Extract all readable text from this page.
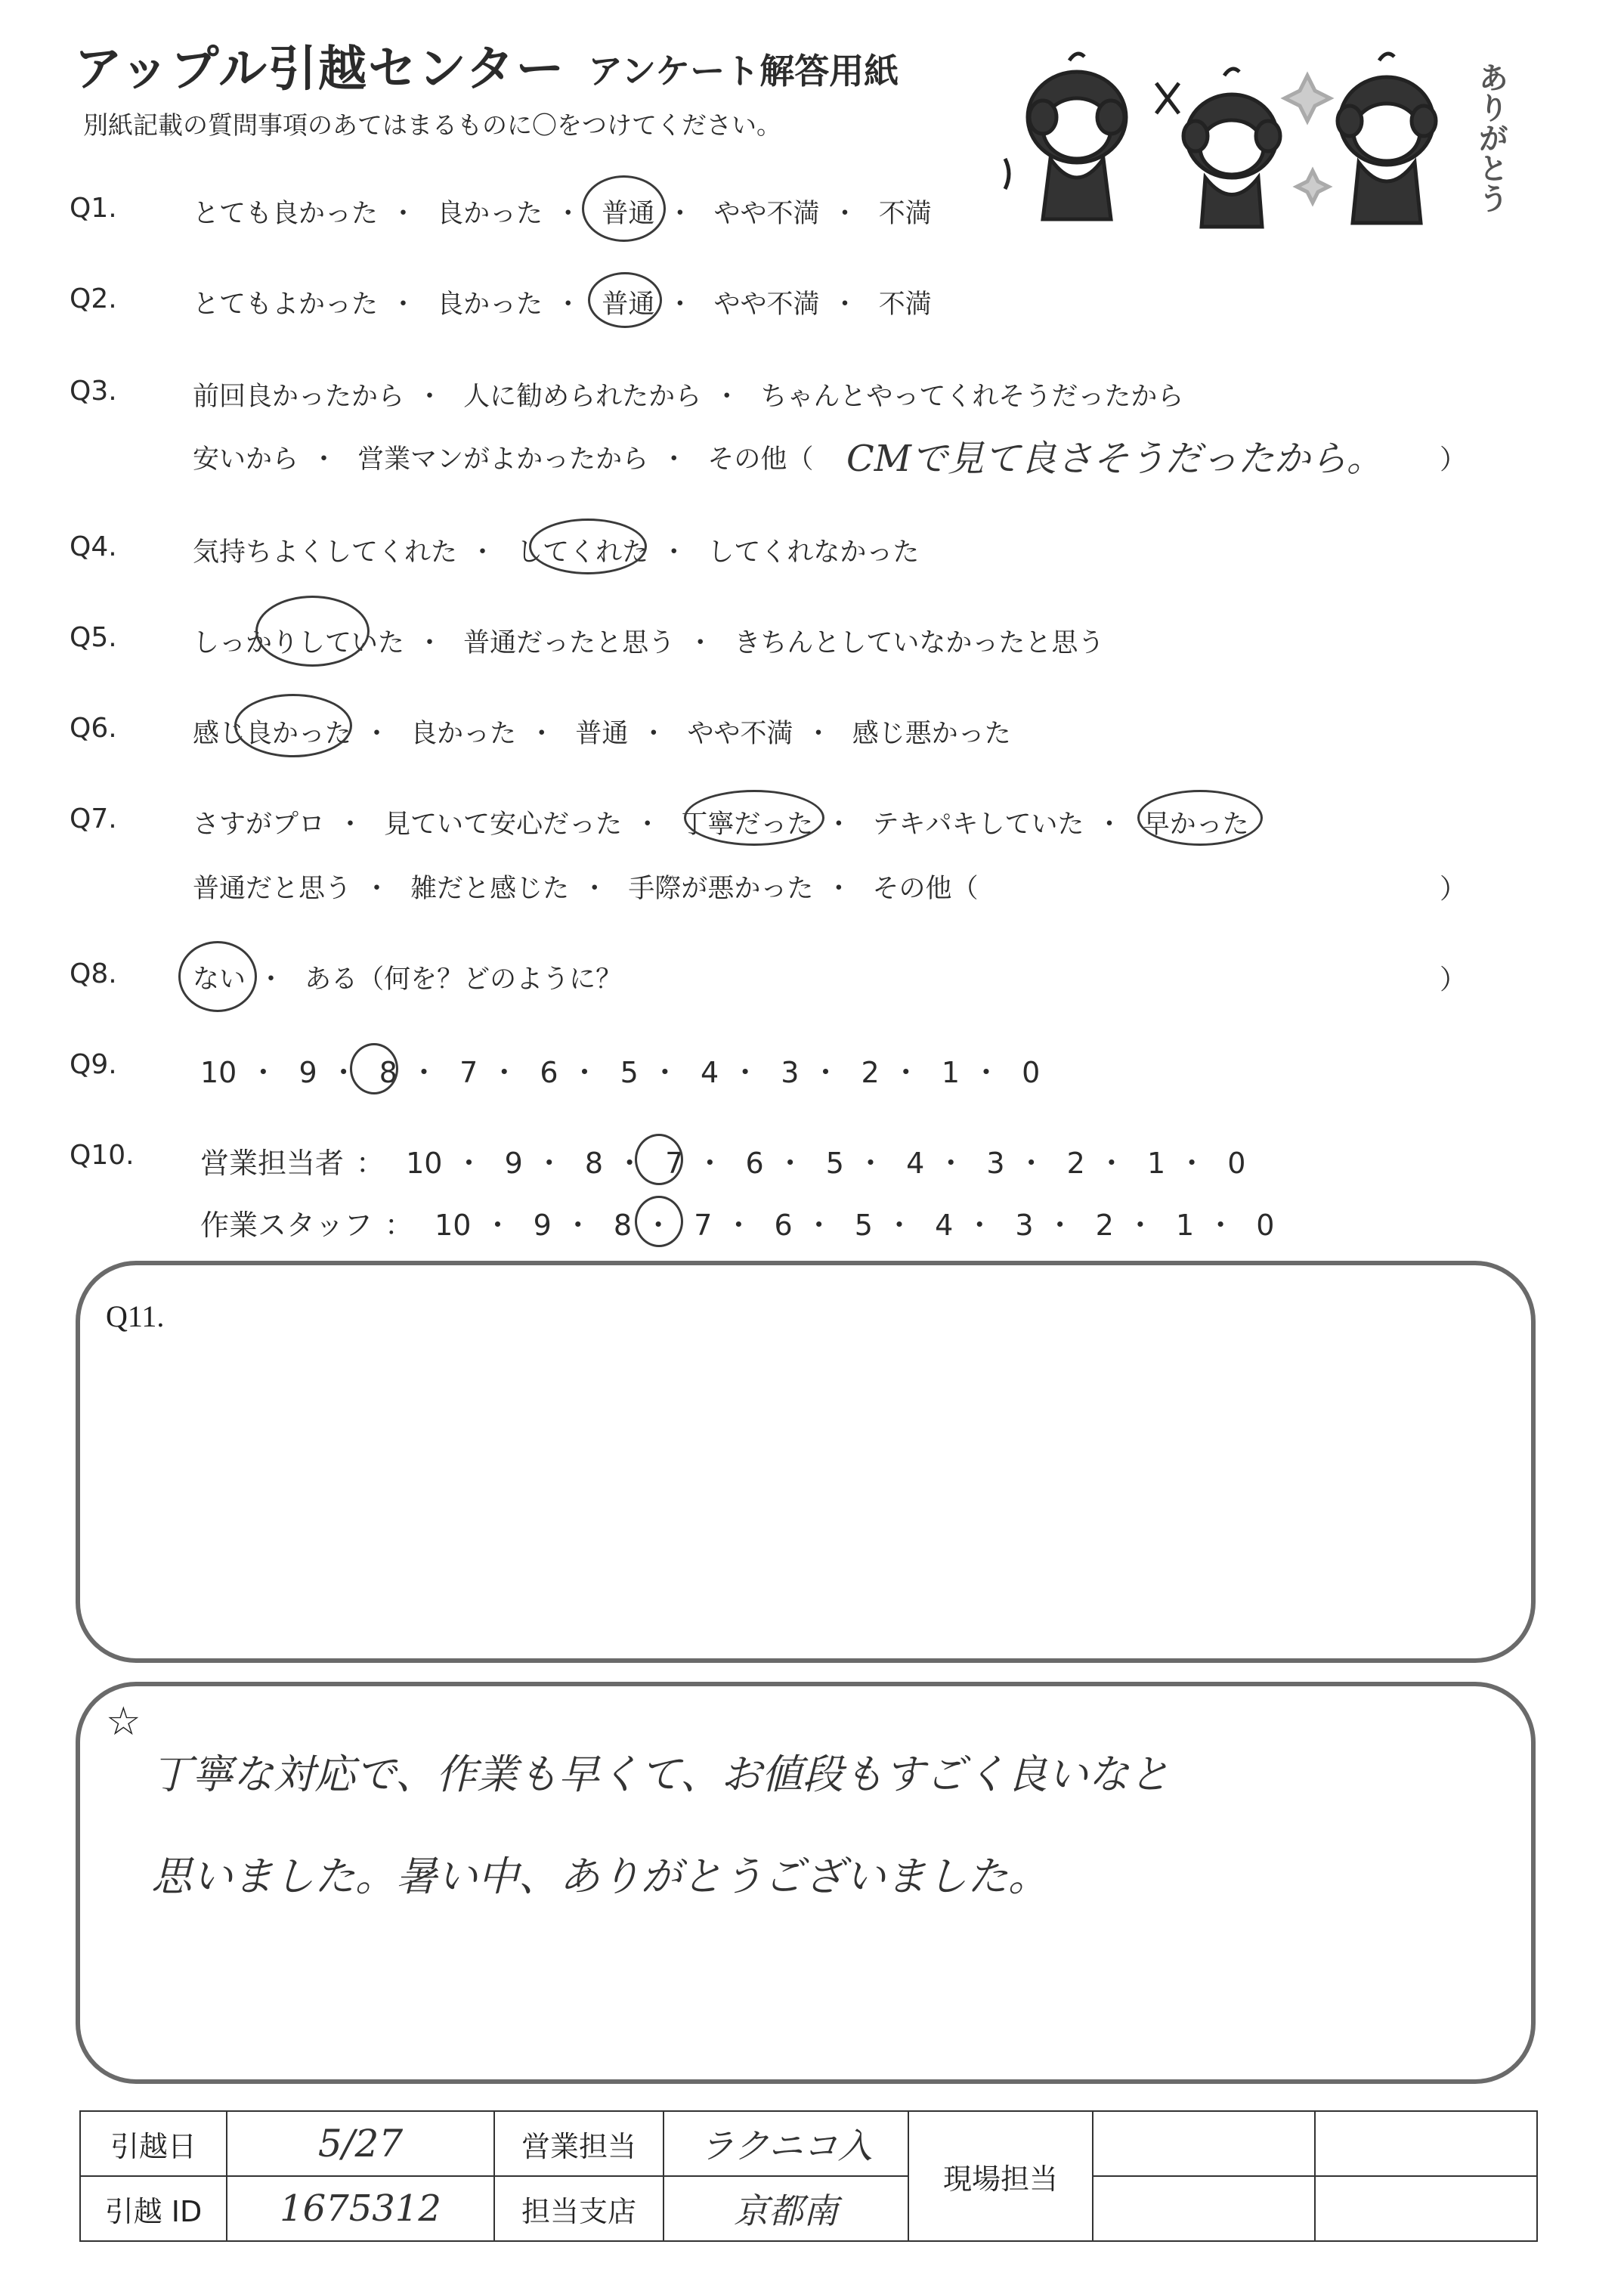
アップル引越センター アンケート解答用紙
別紙記載の質問事項のあてはまるものに〇をつけてください。	ありがとう
Q1.	とても良かった ・ 良かった ・ 普通 ・ やや不満 ・ 不満
Q2.	とてもよかった ・ 良かった ・ 普通 ・ やや不満 ・ 不満
Q3.	前回良かったから ・ 人に勧められたから ・ ちゃんとやってくれそうだったから
安いから ・ 営業マンがよかったから ・ その他（ CMで見て良さそうだったから。 ）
Q4.	気持ちよくしてくれた ・ してくれた ・ してくれなかった
Q5.	しっかりしていた ・ 普通だったと思う ・ きちんとしていなかったと思う
Q6.	感じ良かった ・ 良かった ・ 普通 ・ やや不満 ・ 感じ悪かった
Q7.	さすがプロ ・ 見ていて安心だった ・ 丁寧だった ・ テキパキしていた ・ 早かった
普通だと思う ・ 雑だと感じた ・ 手際が悪かった ・ その他（	）
Q8.	ない ・ ある（何を？どのように？	）
Q9.	10 ・ 9 ・ 8 ・ 7 ・ 6 ・ 5 ・ 4 ・ 3 ・ 2 ・ 1 ・ 0
Q10. 営業担当者 ： 10 ・ 9 ・ 8 ・ 7 ・ 6 ・ 5 ・ 4 ・ 3 ・ 2 ・ 1 ・ 0
作業スタッフ ： 10 ・ 9 ・ 8 ・ 7 ・ 6 ・ 5 ・ 4 ・ 3 ・ 2 ・ 1 ・ 0
Q11.
☆
丁寧な対応で、作業も早くて、お値段もすごく良いなと
思いました。暑い中、ありがとうございました。
引越日	5/27	営業担当	ラクニコ入	現場担当		
引越 ID	1675312	担当支店	京都南			
